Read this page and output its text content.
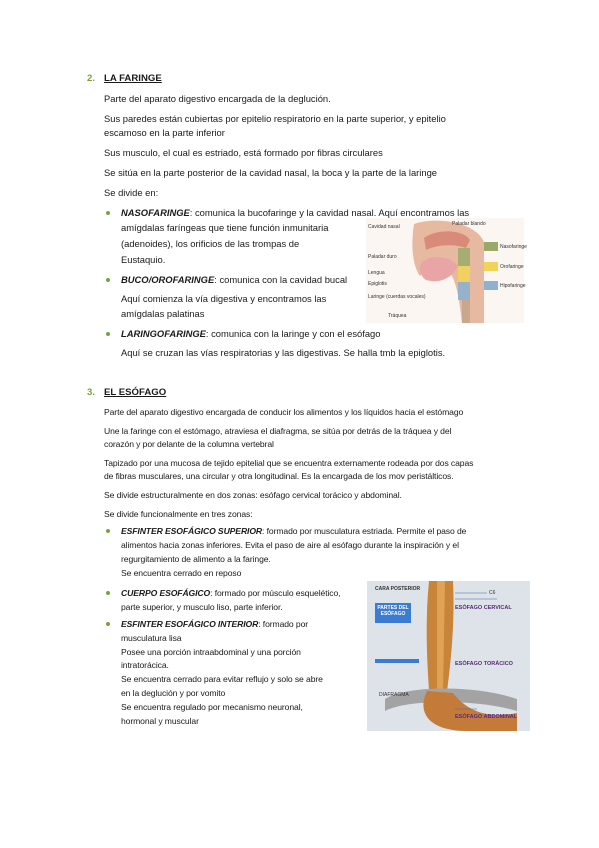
2. LA FARINGE
Parte del aparato digestivo encargada de la deglución.
Sus paredes están cubiertas por epitelio respiratorio en la parte superior, y epitelio
escamoso en la parte inferior
Sus musculo, el cual es estriado, está formado por fibras circulares
Se sitúa en la parte posterior de la cavidad nasal, la boca y la parte de la laringe
Se divide en:
NASOFARINGE: comunica la bucofaringe y la cavidad nasal. Aquí encontramos las
amígdalas faríngeas que tiene función inmunitaria
(adenoides), los orificios de las trompas de
Eustaquio.
BUCO/OROFARINGE: comunica con la cavidad bucal
Aquí comienza la vía digestiva y encontramos las
amígdalas palatinas
LARINGOFARINGE: comunica con la laringe y con el esófago
Aquí se cruzan las vías respiratorias y las digestivas. Se halla tmb la epiglotis.
Cavidad nasal
Paladar duro
Lengua
Epiglotis
Laringe (cuerdas vocales)
Tráquea
Paladar blando
Nasofaringe
Orofaringe
Hipofaringe
3. EL ESÓFAGO
Parte del aparato digestivo encargada de conducir los alimentos y los líquidos hacia el estómago
Une la faringe con el estómago, atraviesa el diafragma, se sitúa por detrás de la tráquea y del
corazón y por delante de la columna vertebral
Tapizado por una mucosa de tejido epitelial que se encuentra externamente rodeada por dos capas
de fibras musculares, una circular y otra longitudinal. Es la encargada de los mov peristálticos.
Se divide estructuralmente en dos zonas: esófago cervical torácico y abdominal.
Se divide funcionalmente en tres zonas:
ESFINTER ESOFÁGICO SUPERIOR: formado por musculatura estriada. Permite el paso de
alimentos hacia zonas inferiores. Evita el paso de aire al esófago durante la inspiración y el
regurgitamiento de alimento a la faringe.
Se encuentra cerrado en reposo
CUERPO ESOFÁGICO: formado por músculo esquelético,
parte superior, y musculo liso, parte inferior.
ESFINTER ESOFÁGICO INTERIOR: formado por
musculatura lisa
Posee una porción intraabdominal y una porción
intratorácica.
Se encuentra cerrado para evitar reflujo y solo se abre
en la deglución y por vomito
Se encuentra regulado por mecanismo neuronal,
hormonal y muscular
CARA POSTERIOR
PARTES DEL ESÓFAGO
ESÓFAGO CERVICAL
ESÓFAGO TORÁCICO
ESÓFAGO ABDOMINAL
DIAFRAGMA
C6
